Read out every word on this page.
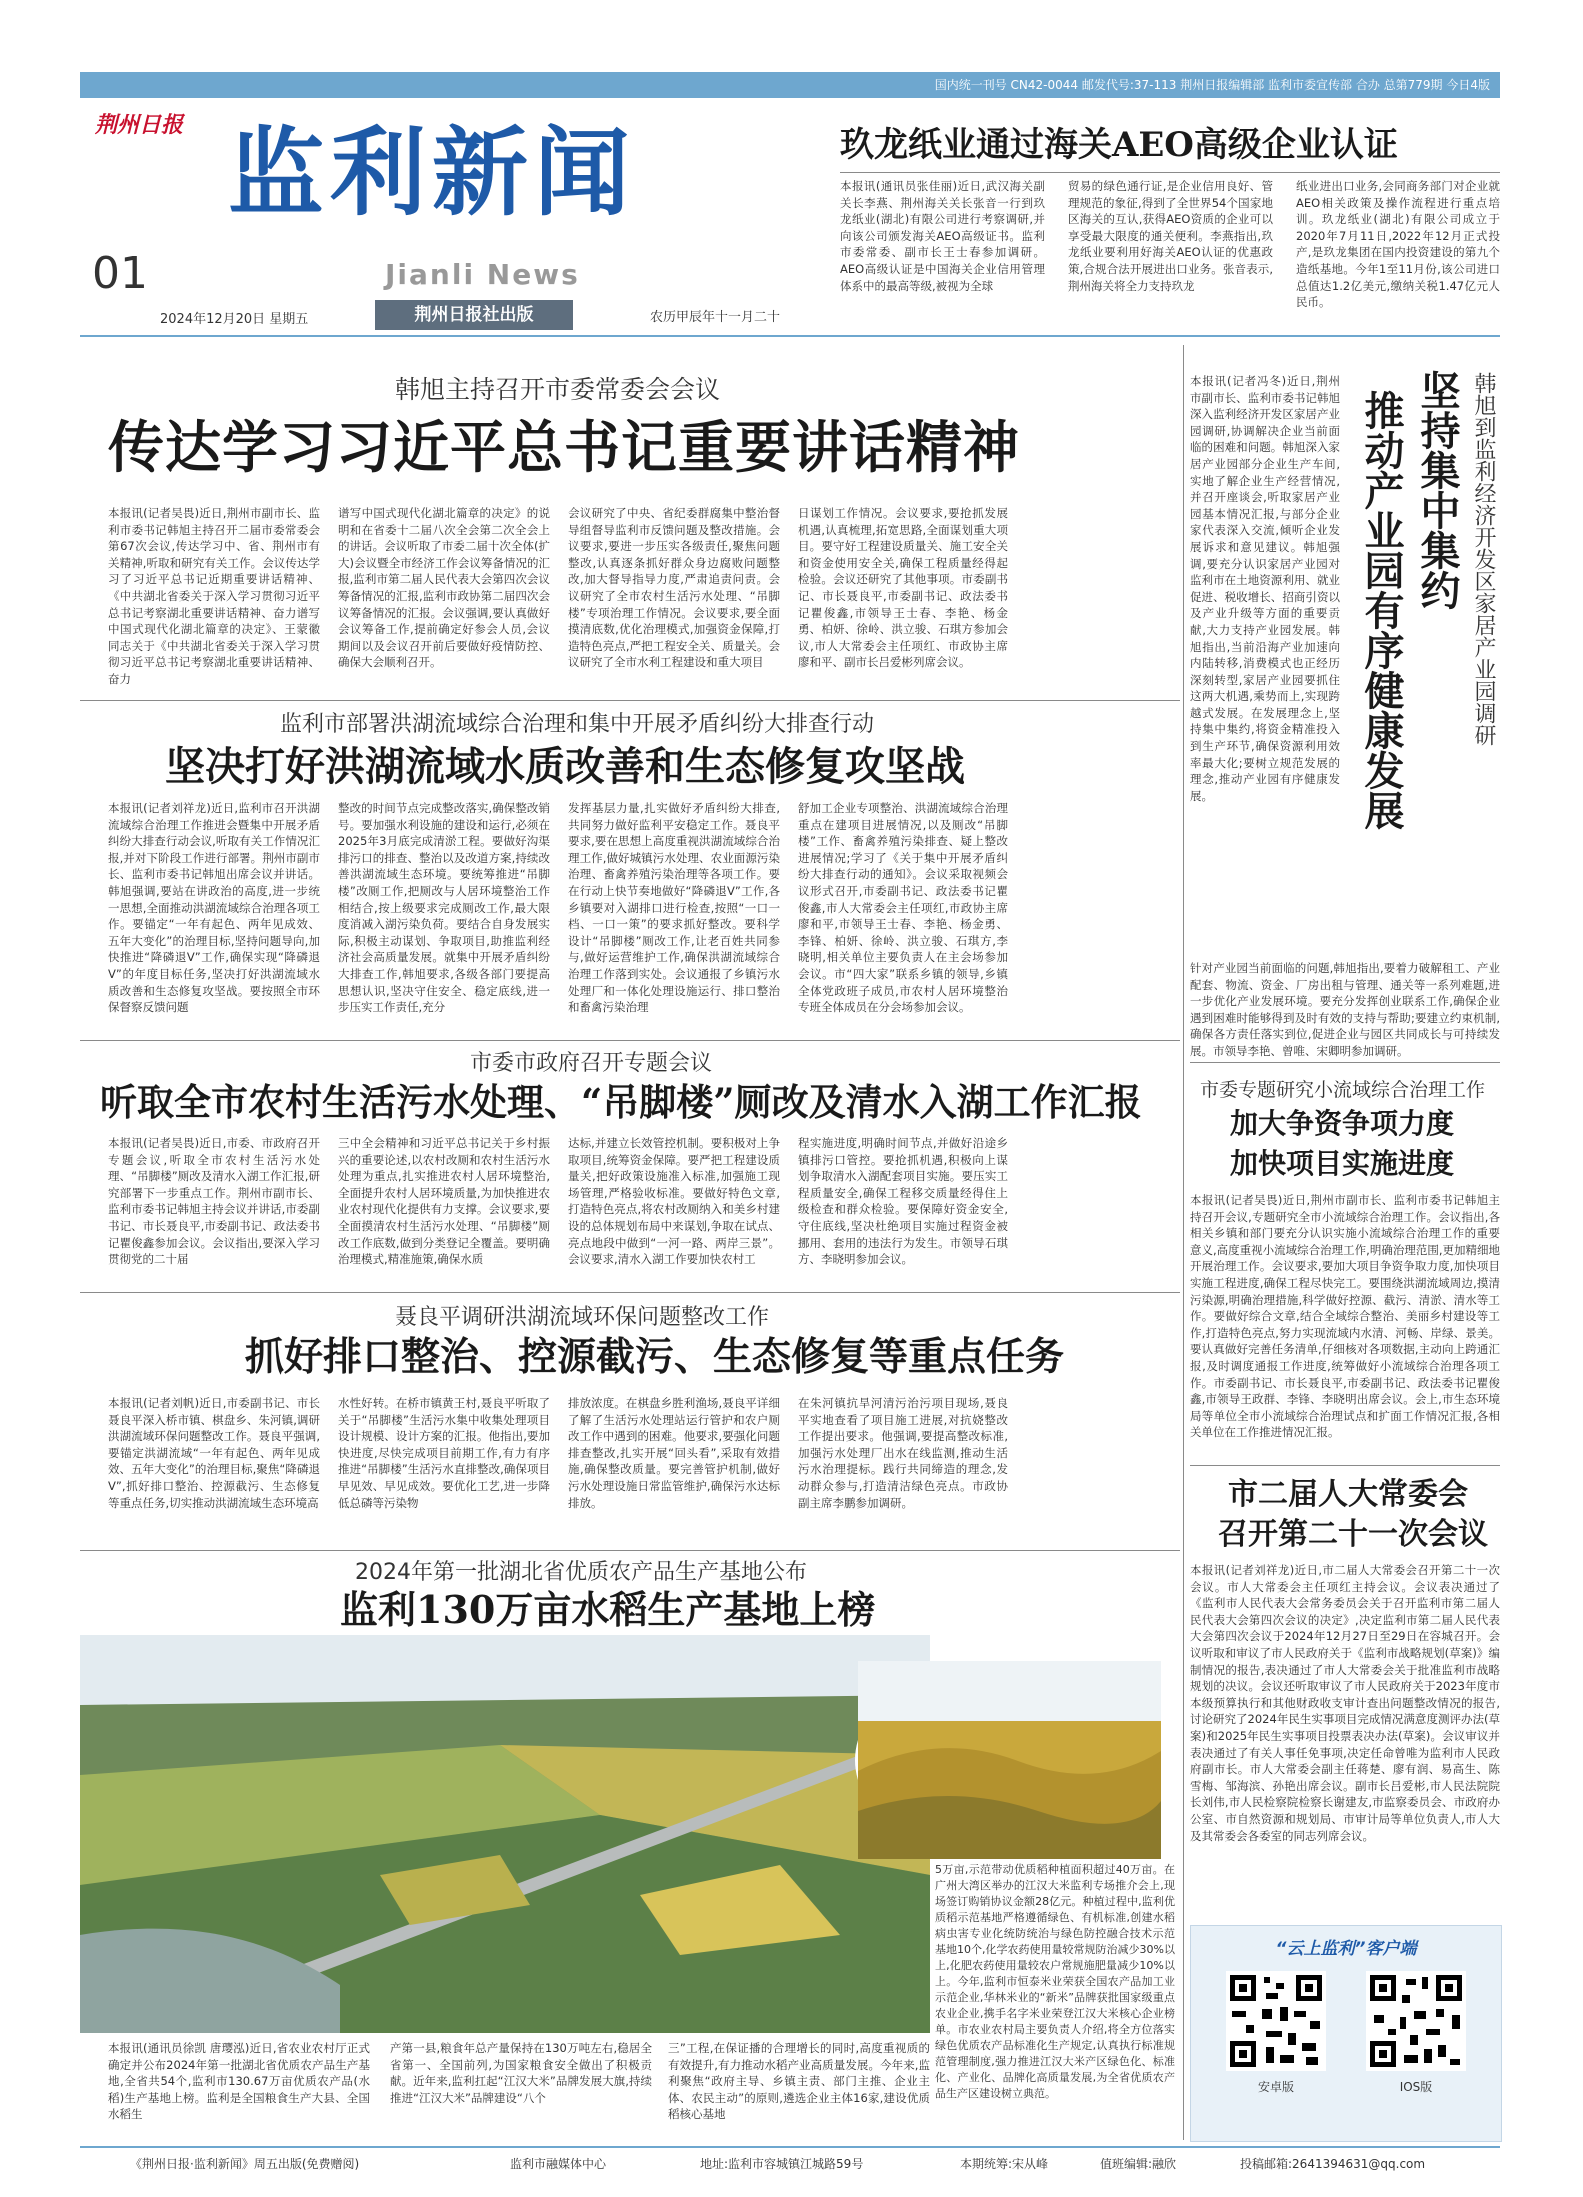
国内统一刊号 CN42-0044 邮发代号:37-113 荆州日报编辑部 监利市委宣传部 合办 总第779期 今日4版
荆州日报 监利新闻
Jianli News
01
2024年12月20日 星期五	荆州日报社出版	农历甲辰年十一月二十
玖龙纸业通过海关AEO高级企业认证
本报讯(通讯员张佳丽)近日,武汉海关副关长李燕、荆州海关关长张音一行到玖龙纸业(湖北)有限公司进行考察调研,并向该公司颁发海关AEO高级证书。监利市委常委、副市长王士春参加调研。AEO高级认证是中国海关企业信用管理体系中的最高等级,被视为全球
贸易的绿色通行证,是企业信用良好、管理规范的象征,得到了全世界54个国家地区海关的互认,获得AEO资质的企业可以享受最大限度的通关便利。李燕指出,玖龙纸业要利用好海关AEO认证的优惠政策,合规合法开展进出口业务。张音表示,荆州海关将全力支持玖龙
纸业进出口业务,会同商务部门对企业就AEO相关政策及操作流程进行重点培训。玖龙纸业(湖北)有限公司成立于2020年7月11日,2022年12月正式投产,是玖龙集团在国内投资建设的第九个造纸基地。今年1至11月份,该公司进口总值达1.2亿美元,缴纳关税1.47亿元人民币。
韩旭主持召开市委常委会会议
传达学习习近平总书记重要讲话精神
本报讯(记者吴畏)近日,荆州市副市长、监利市委书记韩旭主持召开二届市委常委会第67次会议,传达学习中、省、荆州市有关精神,听取和研究有关工作。会议传达学习了习近平总书记近期重要讲话精神、《中共湖北省委关于深入学习贯彻习近平总书记考察湖北重要讲话精神、奋力谱写中国式现代化湖北篇章的决定》、王蒙徽同志关于《中共湖北省委关于深入学习贯彻习近平总书记考察湖北重要讲话精神、奋力
谱写中国式现代化湖北篇章的决定》的说明和在省委十二届八次全会第二次全会上的讲话。会议听取了市委二届十次全体(扩大)会议暨全市经济工作会议筹备情况的汇报,监利市第二届人民代表大会第四次会议筹备情况的汇报,监利市政协第二届四次会议筹备情况的汇报。会议强调,要认真做好会议筹备工作,提前确定好参会人员,会议期间以及会议召开前后要做好疫情防控、确保大会顺利召开。
会议研究了中央、省纪委群腐集中整治督导组督导监利市反馈问题及整改措施。会议要求,要进一步压实各级责任,聚焦问题整改,认真逐条抓好群众身边腐败问题整改,加大督导指导力度,严肃追责问责。会议研究了全市农村生活污水处理、“吊脚楼”专项治理工作情况。会议要求,要全面摸清底数,优化治理模式,加强资金保障,打造特色亮点,严把工程安全关、质量关。会议研究了全市水利工程建设和重大项目
日谋划工作情况。会议要求,要抢抓发展机遇,认真梳理,拓宽思路,全面谋划重大项目。要守好工程建设质量关、施工安全关和资金使用安全关,确保工程质量经得起检验。会议还研究了其他事项。市委副书记、市长聂良平,市委副书记、政法委书记瞿俊鑫,市领导王士春、李艳、杨金勇、柏妍、徐岭、洪立骏、石琪方参加会议,市人大常委会主任项红、市政协主席廖和平、副市长吕爱彬列席会议。
监利市部署洪湖流域综合治理和集中开展矛盾纠纷大排查行动
坚决打好洪湖流域水质改善和生态修复攻坚战
本报讯(记者刘祥龙)近日,监利市召开洪湖流域综合治理工作推进会暨集中开展矛盾纠纷大排查行动会议,听取有关工作情况汇报,并对下阶段工作进行部署。荆州市副市长、监利市委书记韩旭出席会议并讲话。韩旭强调,要站在讲政治的高度,进一步统一思想,全面推动洪湖流域综合治理各项工作。要锚定“一年有起色、两年见成效、五年大变化”的治理目标,坚持问题导向,加快推进“降磷退V”工作,确保实现“降磷退V”的年度目标任务,坚决打好洪湖流域水质改善和生态修复攻坚战。要按照全市环保督察反馈问题
整改的时间节点完成整改落实,确保整改销号。要加强水利设施的建设和运行,必须在2025年3月底完成清淤工程。要做好沟渠排污口的排查、整治以及改道方案,持续改善洪湖流域生态环境。要统筹推进“吊脚楼”改厕工作,把厕改与人居环境整治工作相结合,按上级要求完成厕改工作,最大限度消减入湖污染负荷。要结合自身发展实际,积极主动谋划、争取项目,助推监利经济社会高质量发展。就集中开展矛盾纠纷大排查工作,韩旭要求,各级各部门要提高思想认识,坚决守住安全、稳定底线,进一步压实工作责任,充分
发挥基层力量,扎实做好矛盾纠纷大排查,共同努力做好监利平安稳定工作。聂良平要求,要在思想上高度重视洪湖流域综合治理工作,做好城镇污水处理、农业面源污染治理、畜禽养殖污染治理等各项工作。要在行动上快节奏地做好“降磷退V”工作,各乡镇要对入湖排口进行检查,按照“一口一档、一口一策”的要求抓好整改。要科学设计“吊脚楼”厕改工作,让老百姓共同参与,做好运营维护工作,确保洪湖流域综合治理工作落到实处。会议通报了乡镇污水处理厂和一体化处理设施运行、排口整治和畜禽污染治理
舒加工企业专项整治、洪湖流域综合治理重点在建项目进展情况,以及厕改“吊脚楼”工作、畜禽养殖污染排查、疑上整改进展情况;学习了《关于集中开展矛盾纠纷大排查行动的通知》。会议采取视频会议形式召开,市委副书记、政法委书记瞿俊鑫,市人大常委会主任项红,市政协主席廖和平,市领导王士春、李艳、杨金勇、李锋、柏妍、徐岭、洪立骏、石琪方,李晓明,相关单位主要负责人在主会场参加会议。市“四大家”联系乡镇的领导,乡镇全体党政班子成员,市农村人居环境整治专班全体成员在分会场参加会议。
市委市政府召开专题会议
听取全市农村生活污水处理、“吊脚楼”厕改及清水入湖工作汇报
本报讯(记者吴畏)近日,市委、市政府召开专题会议,听取全市农村生活污水处理、“吊脚楼”厕改及清水入湖工作汇报,研究部署下一步重点工作。荆州市副市长、监利市委书记韩旭主持会议并讲话,市委副书记、市长聂良平,市委副书记、政法委书记瞿俊鑫参加会议。会议指出,要深入学习贯彻党的二十届
三中全会精神和习近平总书记关于乡村振兴的重要论述,以农村改厕和农村生活污水处理为重点,扎实推进农村人居环境整治,全面提升农村人居环境质量,为加快推进农业农村现代化提供有力支撑。会议要求,要全面摸清农村生活污水处理、“吊脚楼”厕改工作底数,做到分类登记全覆盖。要明确治理模式,精准施策,确保水质
达标,并建立长效管控机制。要积极对上争取项目,统筹资金保障。要严把工程建设质量关,把好政策设施准入标准,加强施工现场管理,严格验收标准。要做好特色文章,打造特色亮点,将农村改厕纳入和美乡村建设的总体规划布局中来谋划,争取在试点、亮点地段中做到“一河一路、两岸三景”。会议要求,清水入湖工作要加快农村工
程实施进度,明确时间节点,并做好沿途乡镇排污口管控。要抢抓机遇,积极向上谋划争取清水入湖配套项目实施。要压实工程质量安全,确保工程移交质量经得住上级检查和群众检验。要保障好资金安全,守住底线,坚决杜绝项目实施过程资金被挪用、套用的违法行为发生。市领导石琪方、李晓明参加会议。
聂良平调研洪湖流域环保问题整改工作
抓好排口整治、控源截污、生态修复等重点任务
本报讯(记者刘帆)近日,市委副书记、市长聂良平深入桥市镇、棋盘乡、朱河镇,调研洪湖流域环保问题整改工作。聂良平强调,要锚定洪湖流域“一年有起色、两年见成效、五年大变化”的治理目标,聚焦“降磷退V”,抓好排口整治、控源截污、生态修复等重点任务,切实推动洪湖流域生态环境高
水性好转。在桥市镇黄王村,聂良平听取了关于“吊脚楼”生活污水集中收集处理项目设计规模、设计方案的汇报。他指出,要加快进度,尽快完成项目前期工作,有力有序推进“吊脚楼”生活污水直排整改,确保项目早见效、早见成效。要优化工艺,进一步降低总磷等污染物
排放浓度。在棋盘乡胜利渔场,聂良平详细了解了生活污水处理站运行管护和农户厕改工作中遇到的困难。他要求,要强化问题排查整改,扎实开展“回头看”,采取有效措施,确保整改质量。要完善管护机制,做好污水处理设施日常监管维护,确保污水达标排放。
在朱河镇抗旱河清污治污项目现场,聂良平实地查看了项目施工进展,对抗娆整改工作提出要求。他强调,要提高整改标准,加强污水处理厂出水在线监测,推动生活污水治理提标。践行共同缔造的理念,发动群众参与,打造清洁绿色亮点。市政协副主席李鹏参加调研。
2024年第一批湖北省优质农产品生产基地公布
监利130万亩水稻生产基地上榜
5万亩,示范带动优质稻种植面积超过40万亩。在广州大湾区举办的江汉大米监利专场推介会上,现场签订购销协议金额28亿元。种植过程中,监利优质稻示范基地严格遵循绿色、有机标准,创建水稻病虫害专业化统防统治与绿色防控融合技术示范基地10个,化学农药使用量较常规防治减少30%以上,化肥农药使用量较农户常规施肥量减少10%以上。今年,监利市恒泰米业荣获全国农产品加工业示范企业,华林米业的“新米”品牌获批国家级重点农业企业,携手名字米业荣登江汉大米核心企业榜单。市农业农村局主要负责人介绍,将全方位落实绿色优质农产品标准化生产规定,认真执行标准规范管理制度,强力推进江汉大米产区绿色化、标准化、产业化、品牌化高质量发展,为全省优质农产品生产区建设树立典范。
本报讯(通讯员徐凯 唐璎泓)近日,省农业农村厅正式确定并公布2024年第一批湖北省优质农产品生产基地,全省共54个,监利市130.67万亩优质农产品(水稻)生产基地上榜。监利是全国粮食生产大县、全国水稻生
产第一县,粮食年总产量保持在130万吨左右,稳居全省第一、全国前列,为国家粮食安全做出了积极贡献。近年来,监利扛起“江汉大米”品牌发展大旗,持续推进“江汉大米”品牌建设“八个
三”工程,在保证播的合理增长的同时,高度重视质的有效提升,有力推动水稻产业高质量发展。今年来,监利聚焦“政府主导、乡镇主责、部门主推、企业主体、农民主动”的原则,遴选企业主体16家,建设优质稻核心基地
韩旭到监利经济开发区家居产业园调研
坚持集中集约
推动产业园有序健康发展
本报讯(记者冯冬)近日,荆州市副市长、监利市委书记韩旭深入监利经济开发区家居产业园调研,协调解决企业当前面临的困难和问题。韩旭深入家居产业园部分企业生产车间,实地了解企业生产经营情况,并召开座谈会,听取家居产业园基本情况汇报,与部分企业家代表深入交流,倾听企业发展诉求和意见建议。韩旭强调,要充分认识家居产业园对监利市在土地资源利用、就业促进、税收增长、招商引资以及产业升级等方面的重要贡献,大力支持产业园发展。韩旭指出,当前沿海产业加速向内陆转移,消费模式也正经历深刻转型,家居产业园要抓住这两大机遇,乘势而上,实现跨越式发展。在发展理念上,坚持集中集约,将资金精准投入到生产环节,确保资源利用效率最大化;要树立规范发展的理念,推动产业园有序健康发展。
针对产业园当前面临的问题,韩旭指出,要着力破解租工、产业配套、物流、资金、厂房出租与管理、通关等一系列难题,进一步优化产业发展环境。要充分发挥创业联系工作,确保企业遇到困难时能够得到及时有效的支持与帮助;要建立约束机制,确保各方责任落实到位,促进企业与园区共同成长与可持续发展。市领导李艳、曾唯、宋卿明参加调研。
市委专题研究小流域综合治理工作
加大争资争项力度
加快项目实施进度
本报讯(记者吴畏)近日,荆州市副市长、监利市委书记韩旭主持召开会议,专题研究全市小流域综合治理工作。会议指出,各相关乡镇和部门要充分认识实施小流域综合治理工作的重要意义,高度重视小流域综合治理工作,明确治理范围,更加精细地开展治理工作。会议要求,要加大项目争资争取力度,加快项目实施工程进度,确保工程尽快完工。要围绕洪湖流域周边,摸清污染源,明确治理措施,科学做好控源、截污、清淤、清水等工作。要做好综合文章,结合全域综合整治、美丽乡村建设等工作,打造特色亮点,努力实现流域内水清、河畅、岸绿、景美。要认真做好完善任务清单,仔细核对各项数据,主动向上跨通汇报,及时调度通报工作进度,统筹做好小流域综合治理各项工作。市委副书记、市长聂良平,市委副书记、政法委书记瞿俊鑫,市领导王政群、李锋、李晓明出席会议。会上,市生态环境局等单位全市小流域综合治理试点和扩面工作情况汇报,各相关单位在工作推进情况汇报。
市二届人大常委会
召开第二十一次会议
本报讯(记者刘祥龙)近日,市二届人大常委会召开第二十一次会议。市人大常委会主任项红主持会议。会议表决通过了《监利市人民代表大会常务委员会关于召开监利市第二届人民代表大会第四次会议的决定》,决定监利市第二届人民代表大会第四次会议于2024年12月27日至29日在容城召开。会议听取和审议了市人民政府关于《监利市战略规划(草案)》编制情况的报告,表决通过了市人大常委会关于批准监利市战略规划的决议。会议还听取审议了市人民政府关于2023年度市本级预算执行和其他财政收支审计查出问题整改情况的报告,讨论研究了2024年民生实事项目完成情况满意度测评办法(草案)和2025年民生实事项目投票表决办法(草案)。会议审议并表决通过了有关人事任免事项,决定任命曾唯为监利市人民政府副市长。市人大常委会副主任蒋楚、廖有润、易高生、陈雪梅、邹海滨、孙艳出席会议。副市长吕爱彬,市人民法院院长刘伟,市人民检察院检察长谢建友,市监察委员会、市政府办公室、市自然资源和规划局、市审计局等单位负责人,市人大及其常委会各委室的同志列席会议。
“云上监利”客户端
安卓版	IOS版
《荆州日报·监利新闻》周五出版(免费赠阅)	监利市融媒体中心	地址:监利市容城镇江城路59号	本期统筹:宋从峰	值班编辑:融欣	投稿邮箱:2641394631@qq.com
